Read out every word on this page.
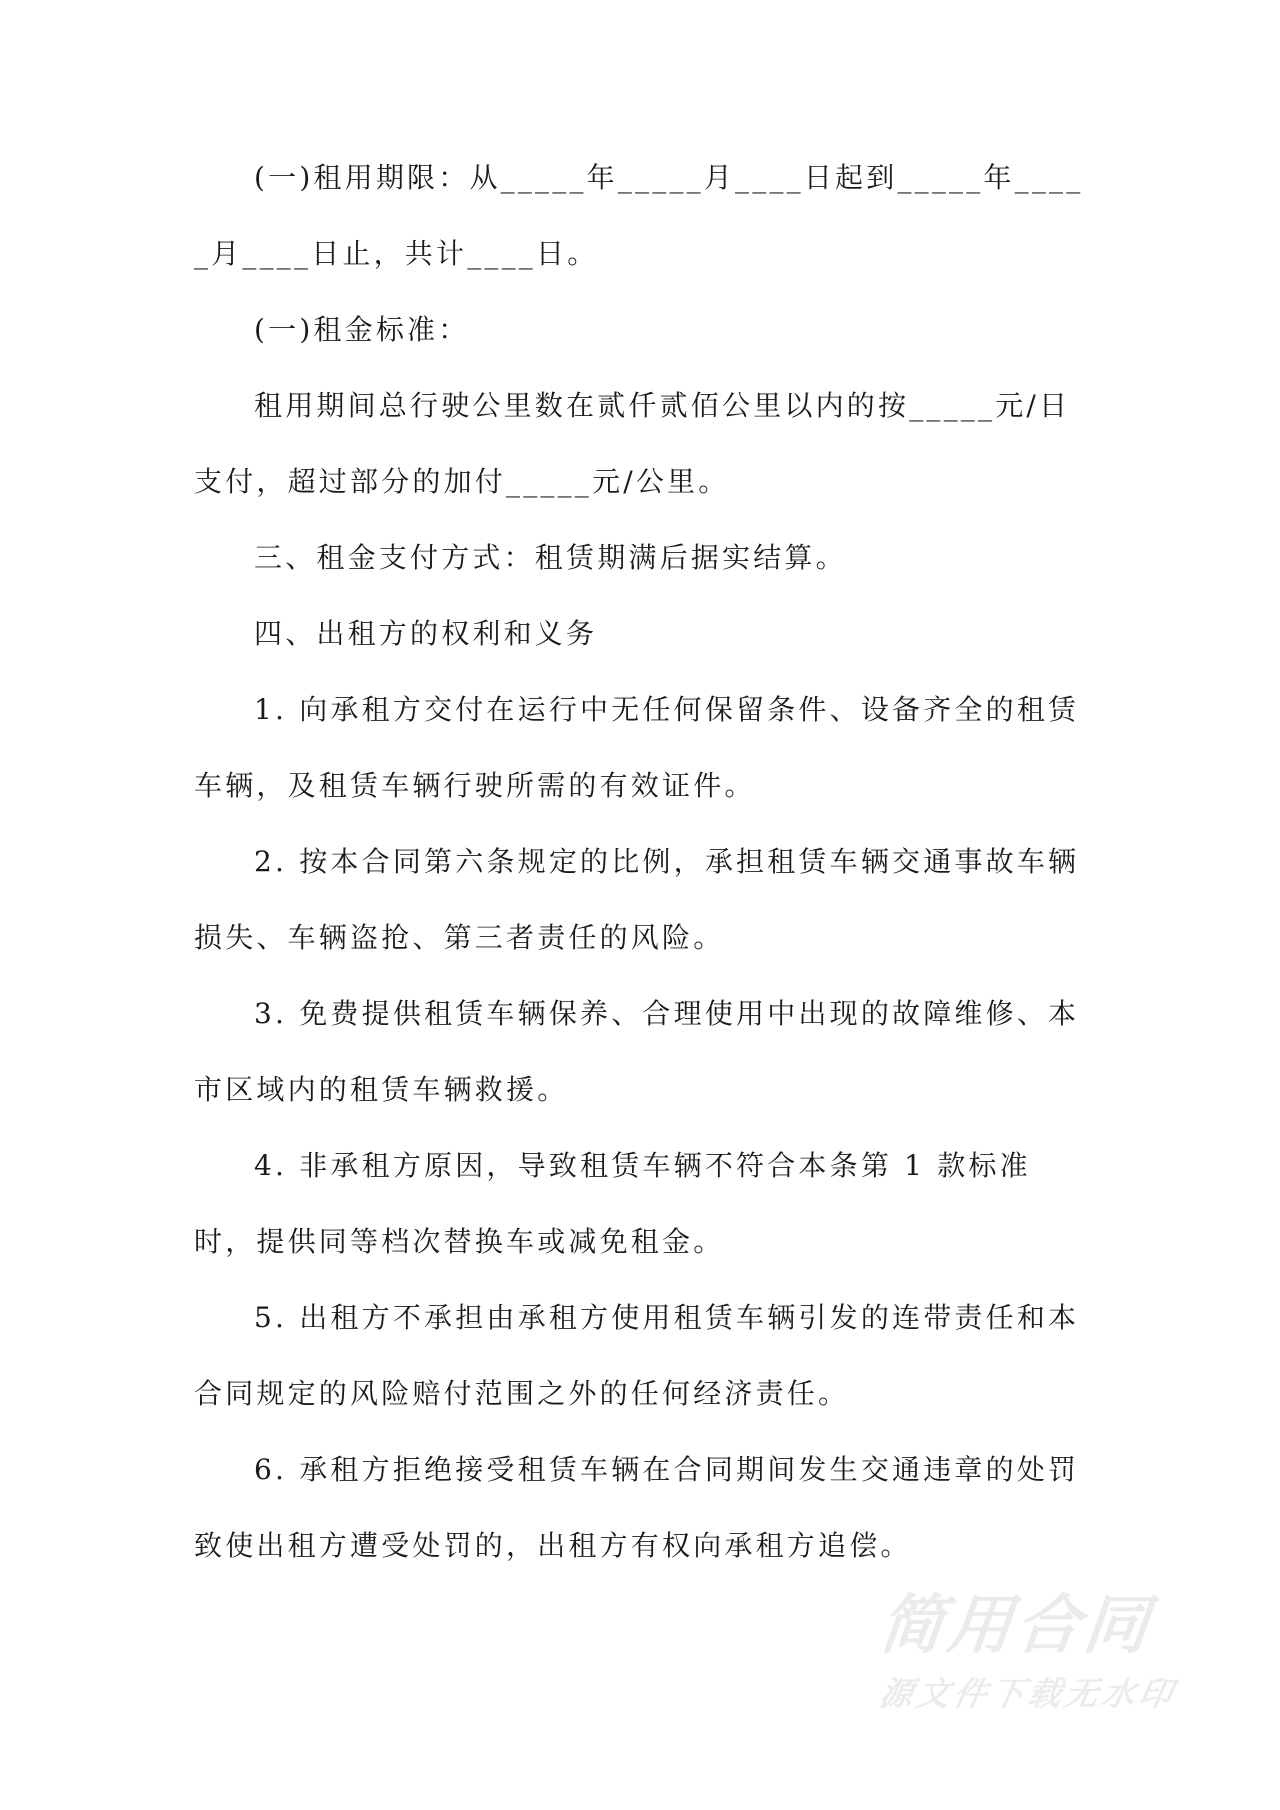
(一)租用期限：从_____年_____月____日起到_____年_____月____日止，共计____日。

(一)租金标准：

租用期间总行驶公里数在贰仟贰佰公里以内的按_____元/日支付，超过部分的加付_____元/公里。

三、租金支付方式：租赁期满后据实结算。

四、出租方的权利和义务

1. 向承租方交付在运行中无任何保留条件、设备齐全的租赁车辆，及租赁车辆行驶所需的有效证件。

2. 按本合同第六条规定的比例，承担租赁车辆交通事故车辆损失、车辆盗抢、第三者责任的风险。

3. 免费提供租赁车辆保养、合理使用中出现的故障维修、本市区域内的租赁车辆救援。

4. 非承租方原因，导致租赁车辆不符合本条第 1 款标准时，提供同等档次替换车或减免租金。

5. 出租方不承担由承租方使用租赁车辆引发的连带责任和本合同规定的风险赔付范围之外的任何经济责任。

6. 承租方拒绝接受租赁车辆在合同期间发生交通违章的处罚致使出租方遭受处罚的，出租方有权向承租方追偿。

简用合同
源文件下载无水印
